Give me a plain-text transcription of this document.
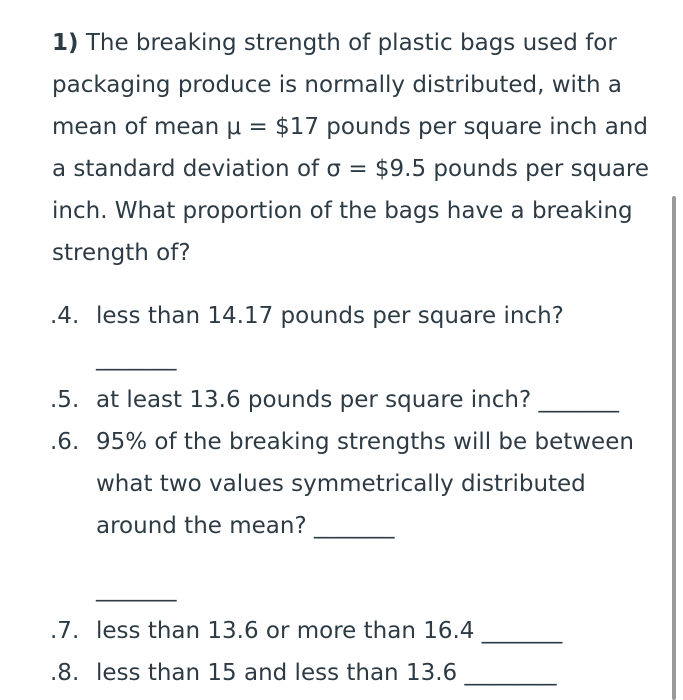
1) The breaking strength of plastic bags used for packaging produce is normally distributed, with a mean of mean μ = $17 pounds per square inch and a standard deviation of σ = $9.5 pounds per square inch. What proportion of the bags have a breaking strength of?

.4. less than 14.17 pounds per square inch?
_______
.5. at least 13.6 pounds per square inch? _______
.6. 95% of the breaking strengths will be between what two values symmetrically distributed around the mean? _______
_______
.7. less than 13.6 or more than 16.4 _______
.8. less than 15 and less than 13.6 ________
